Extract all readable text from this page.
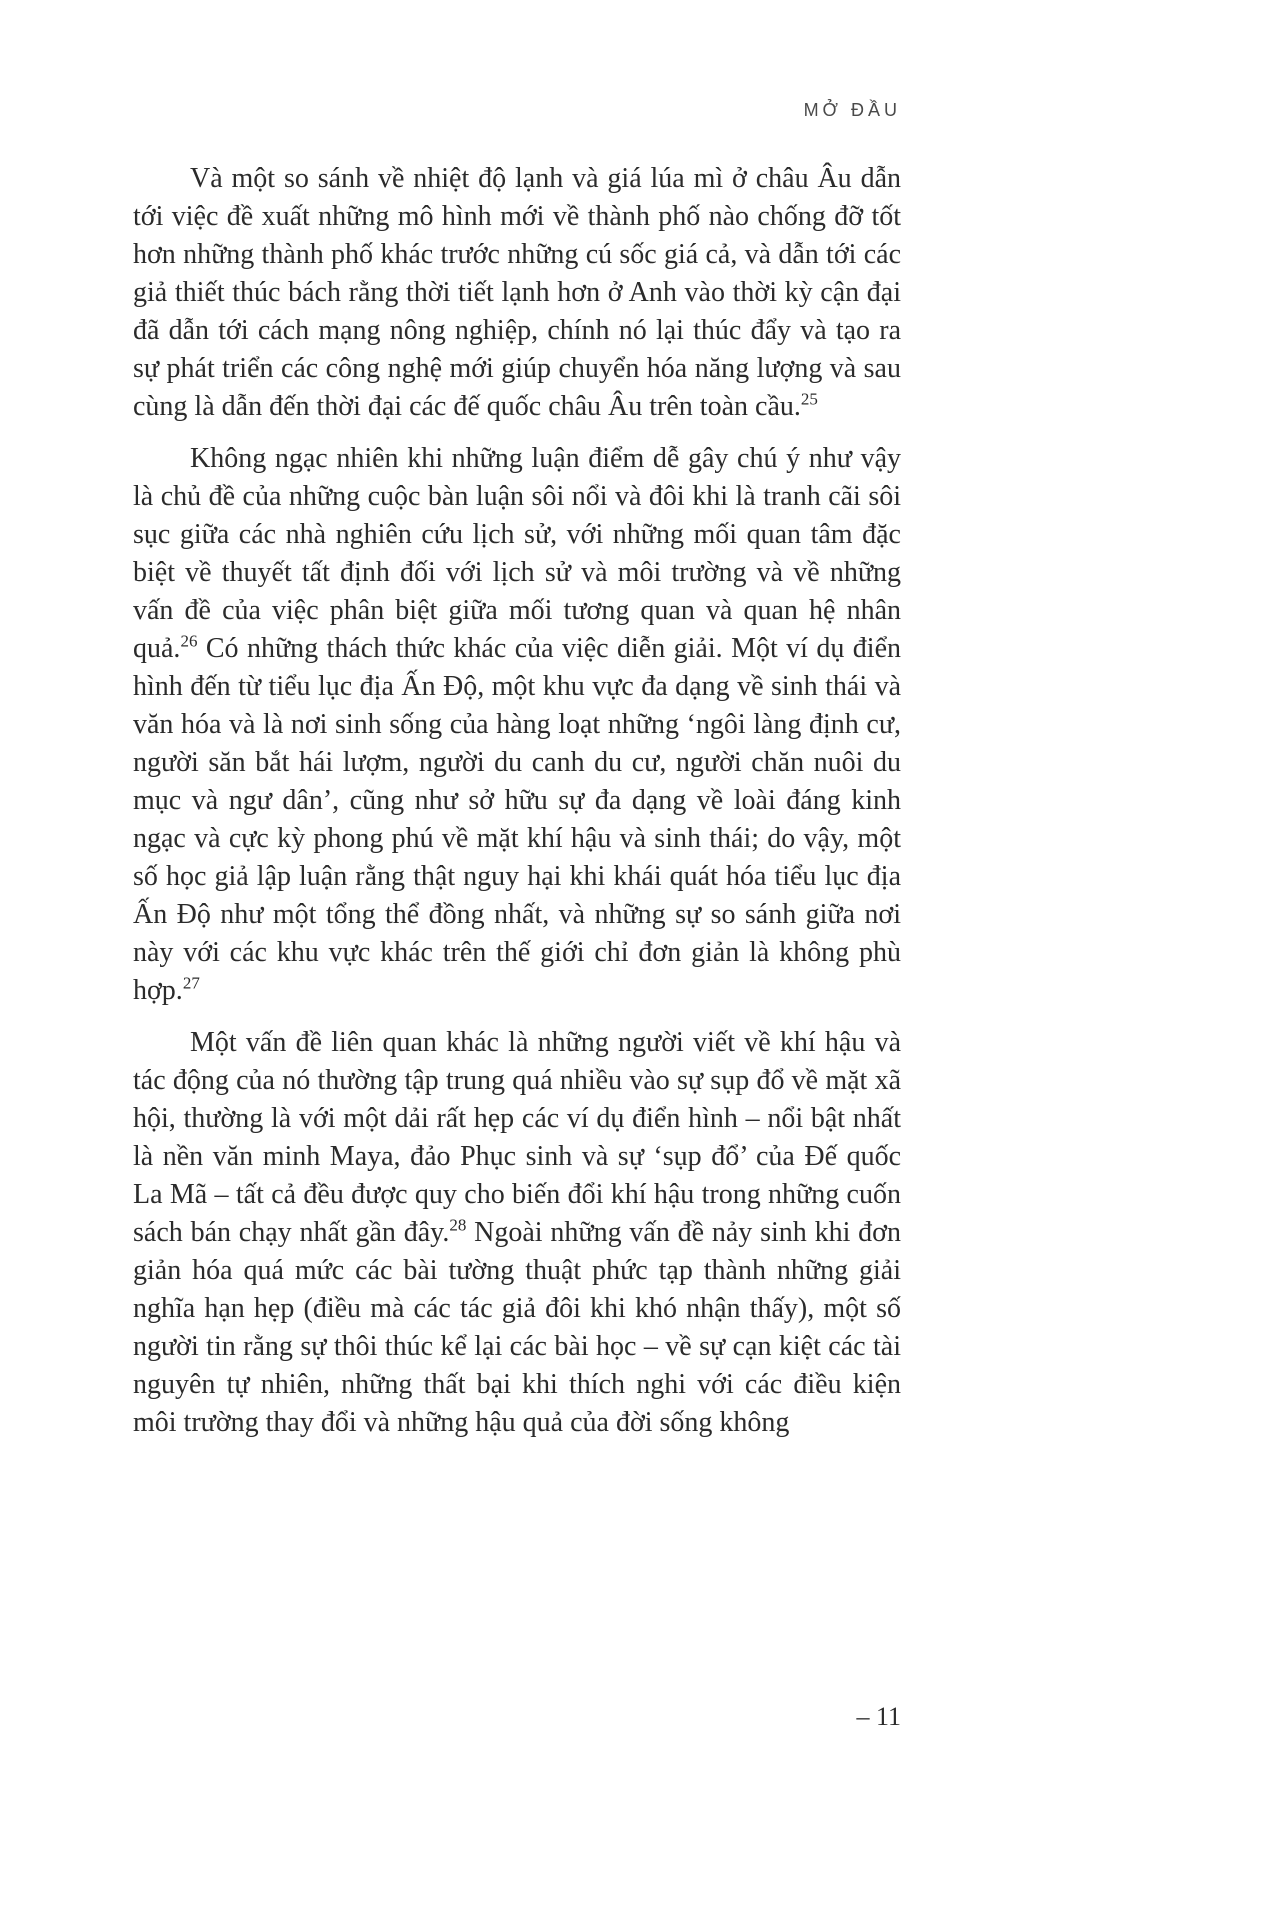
MỞ ĐẦU

Và một so sánh về nhiệt độ lạnh và giá lúa mì ở châu Âu dẫn tới việc đề xuất những mô hình mới về thành phố nào chống đỡ tốt hơn những thành phố khác trước những cú sốc giá cả, và dẫn tới các giả thiết thúc bách rằng thời tiết lạnh hơn ở Anh vào thời kỳ cận đại đã dẫn tới cách mạng nông nghiệp, chính nó lại thúc đẩy và tạo ra sự phát triển các công nghệ mới giúp chuyển hóa năng lượng và sau cùng là dẫn đến thời đại các đế quốc châu Âu trên toàn cầu.$^{25}$

Không ngạc nhiên khi những luận điểm dễ gây chú ý như vậy là chủ đề của những cuộc bàn luận sôi nổi và đôi khi là tranh cãi sôi sục giữa các nhà nghiên cứu lịch sử, với những mối quan tâm đặc biệt về thuyết tất định đối với lịch sử và môi trường và về những vấn đề của việc phân biệt giữa mối tương quan và quan hệ nhân quả.$^{26}$ Có những thách thức khác của việc diễn giải. Một ví dụ điển hình đến từ tiểu lục địa Ấn Độ, một khu vực đa dạng về sinh thái và văn hóa và là nơi sinh sống của hàng loạt những ‘ngôi làng định cư, người săn bắt hái lượm, người du canh du cư, người chăn nuôi du mục và ngư dân’, cũng như sở hữu sự đa dạng về loài đáng kinh ngạc và cực kỳ phong phú về mặt khí hậu và sinh thái; do vậy, một số học giả lập luận rằng thật nguy hại khi khái quát hóa tiểu lục địa Ấn Độ như một tổng thể đồng nhất, và những sự so sánh giữa nơi này với các khu vực khác trên thế giới chỉ đơn giản là không phù hợp.$^{27}$

Một vấn đề liên quan khác là những người viết về khí hậu và tác động của nó thường tập trung quá nhiều vào sự sụp đổ về mặt xã hội, thường là với một dải rất hẹp các ví dụ điển hình – nổi bật nhất là nền văn minh Maya, đảo Phục sinh và sự ‘sụp đổ’ của Đế quốc La Mã – tất cả đều được quy cho biến đổi khí hậu trong những cuốn sách bán chạy nhất gần đây.$^{28}$ Ngoài những vấn đề nảy sinh khi đơn giản hóa quá mức các bài tường thuật phức tạp thành những giải nghĩa hạn hẹp (điều mà các tác giả đôi khi khó nhận thấy), một số người tin rằng sự thôi thúc kể lại các bài học – về sự cạn kiệt các tài nguyên tự nhiên, những thất bại khi thích nghi với các điều kiện môi trường thay đổi và những hậu quả của đời sống không

– 11
